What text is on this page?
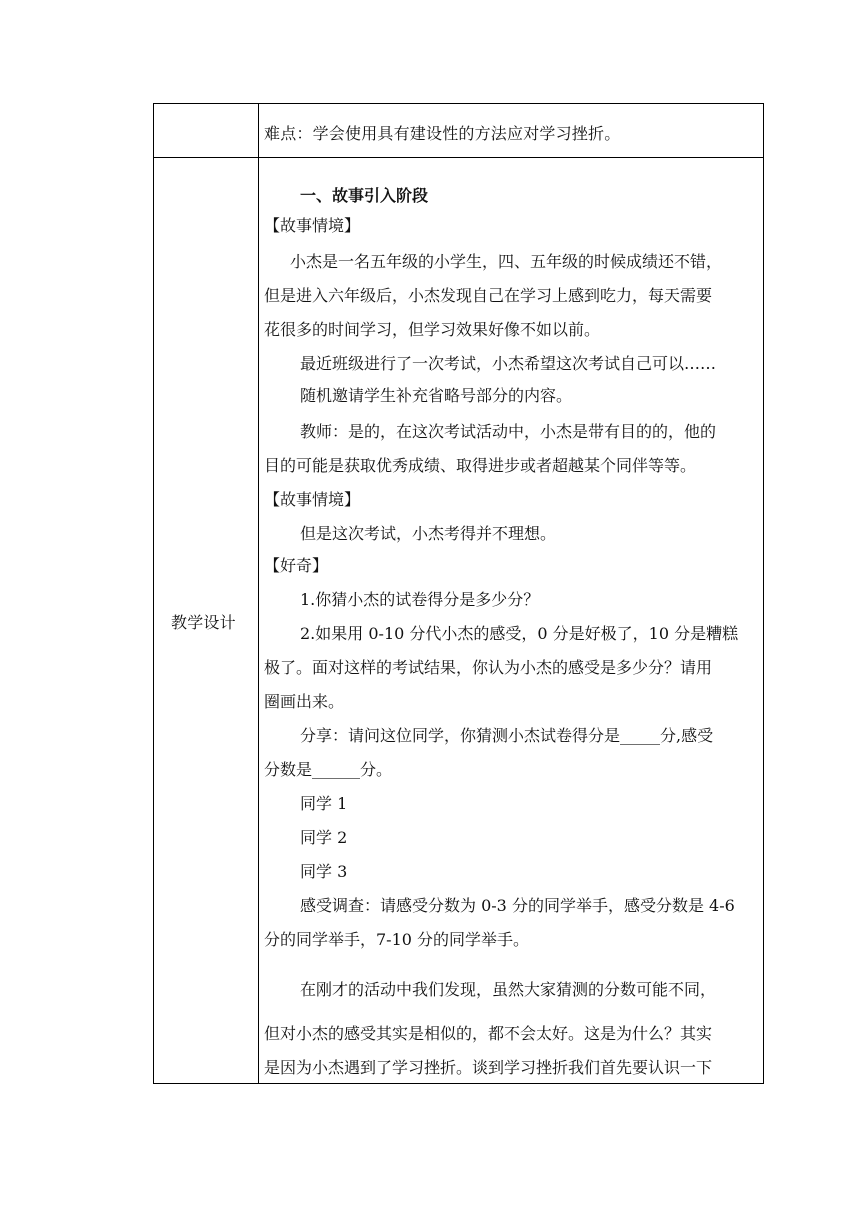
难点：学会使用具有建设性的方法应对学习挫折。
教学设计
一、故事引入阶段
【故事情境】
小杰是一名五年级的小学生，四、五年级的时候成绩还不错，
但是进入六年级后，小杰发现自己在学习上感到吃力，每天需要
花很多的时间学习，但学习效果好像不如以前。
最近班级进行了一次考试，小杰希望这次考试自己可以……
随机邀请学生补充省略号部分的内容。
教师：是的，在这次考试活动中，小杰是带有目的的，他的
目的可能是获取优秀成绩、取得进步或者超越某个同伴等等。
【故事情境】
但是这次考试，小杰考得并不理想。
【好奇】
1.你猜小杰的试卷得分是多少分？
2.如果用 0-10 分代小杰的感受，0 分是好极了，10 分是糟糕
极了。面对这样的考试结果，你认为小杰的感受是多少分？请用
圈画出来。
分享：请问这位同学，你猜测小杰试卷得分是_____分,感受
分数是______分。
同学 1
同学 2
同学 3
感受调查：请感受分数为 0-3 分的同学举手，感受分数是 4-6
分的同学举手，7-10 分的同学举手。
在刚才的活动中我们发现，虽然大家猜测的分数可能不同，
但对小杰的感受其实是相似的，都不会太好。这是为什么？其实
是因为小杰遇到了学习挫折。谈到学习挫折我们首先要认识一下
